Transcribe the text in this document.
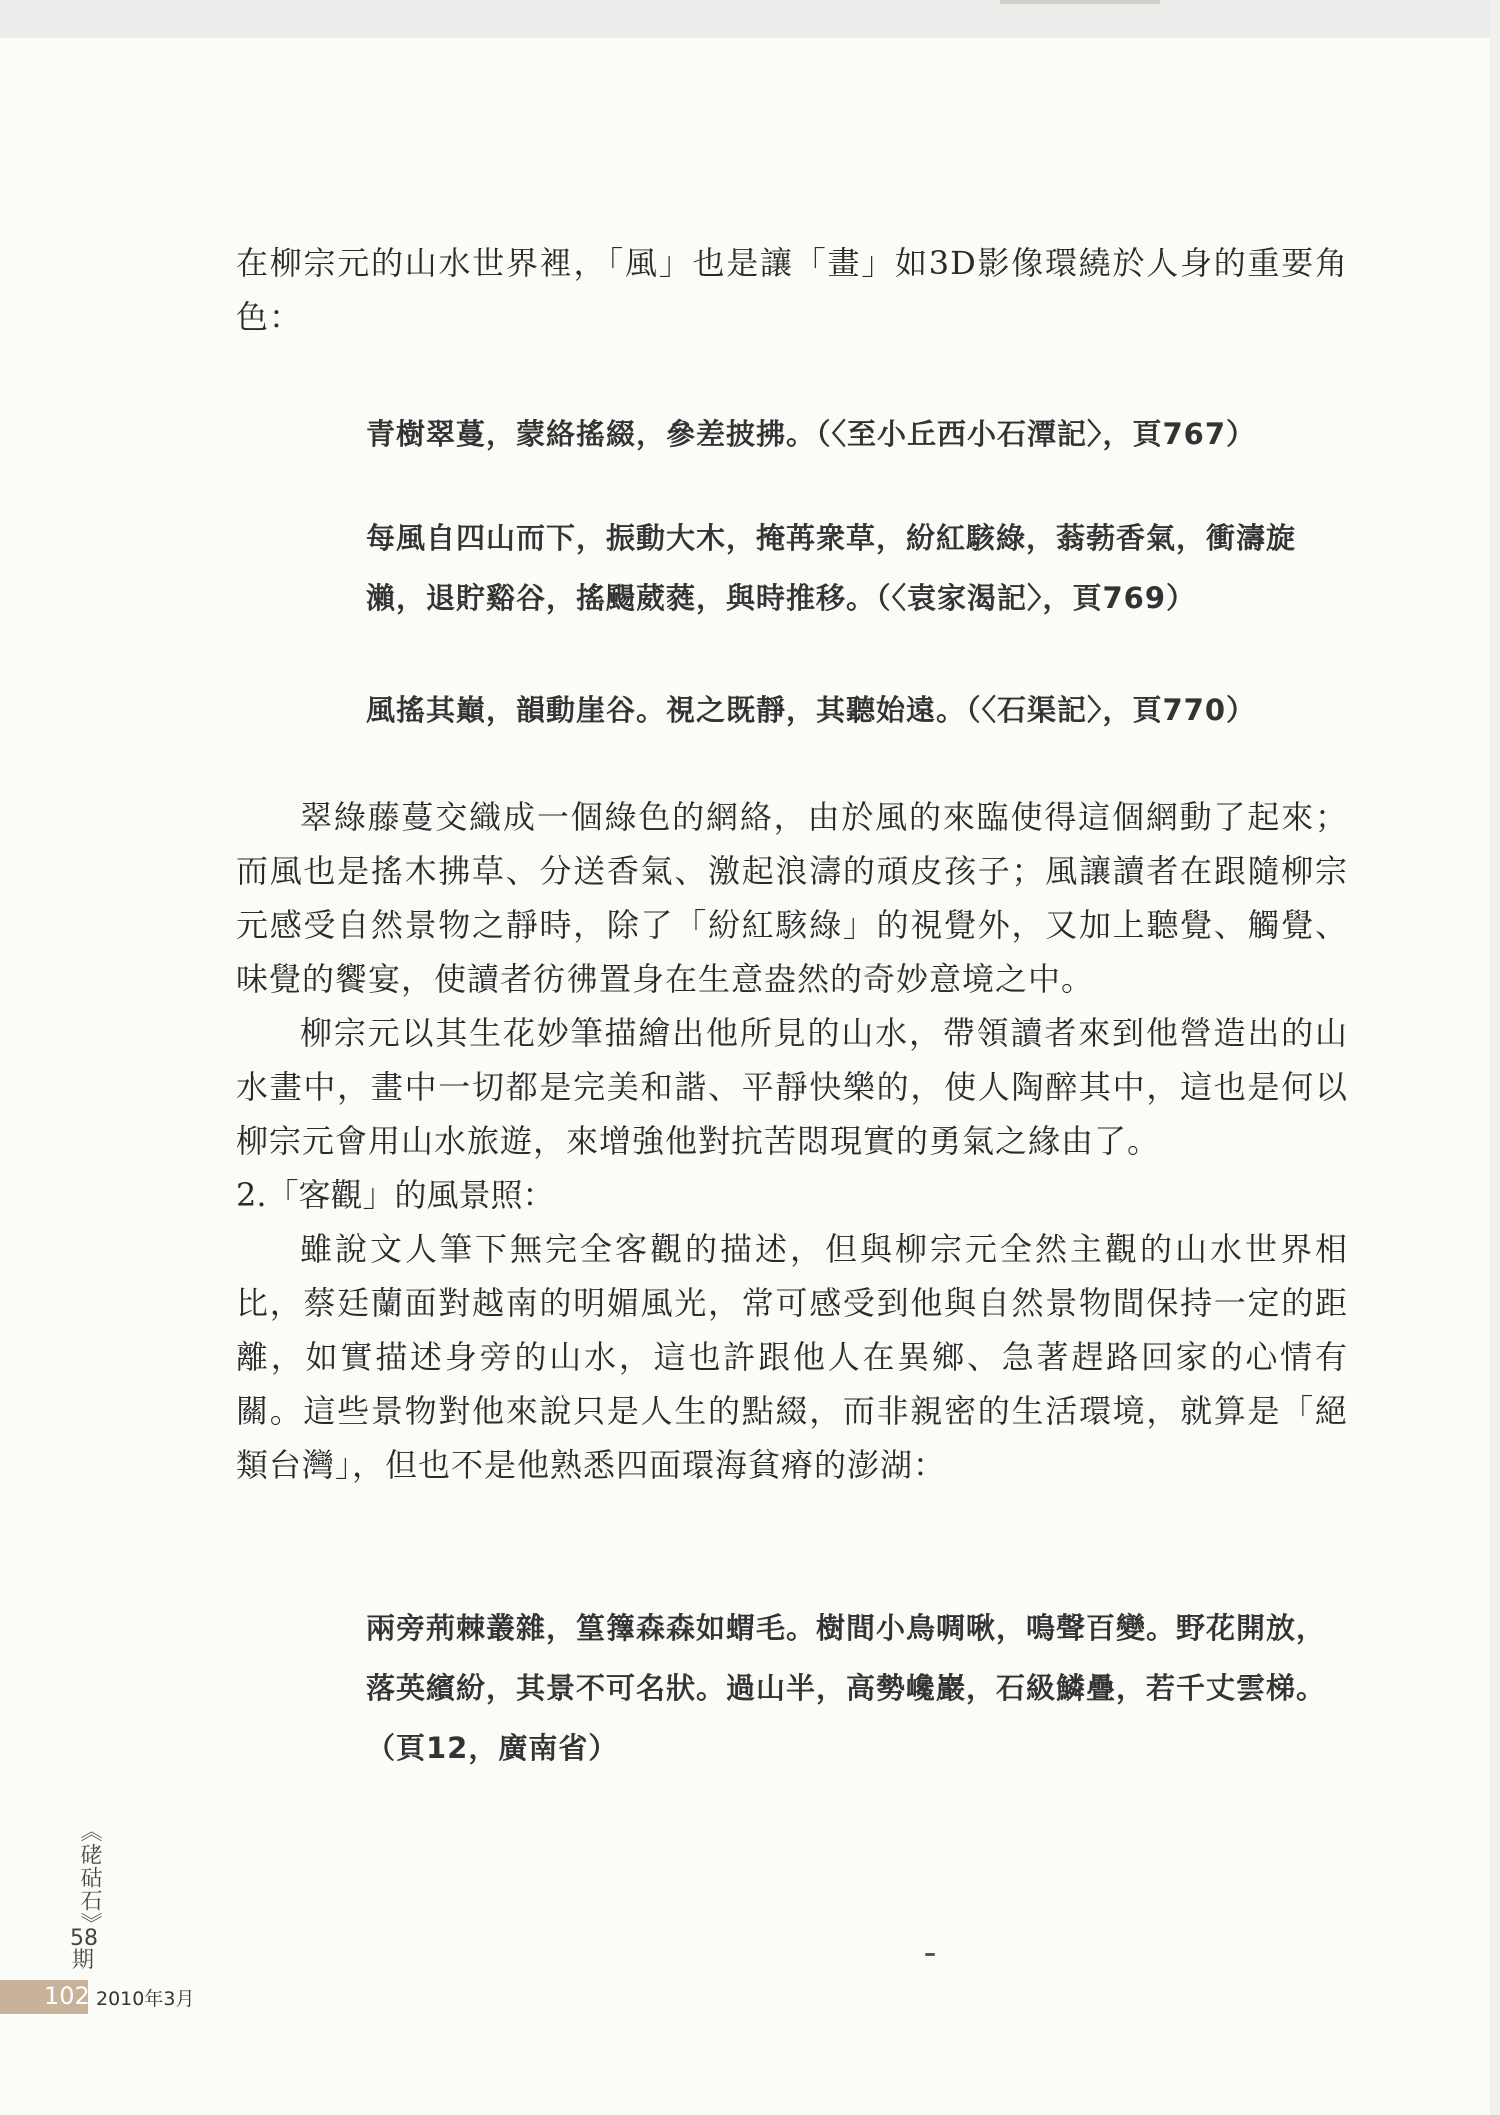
在柳宗元的山水世界裡，「風」也是讓「畫」如3D影像環繞於人身的重要角色：

青樹翠蔓，蒙絡搖綴，參差披拂。（〈至小丘西小石潭記〉，頁767）

每風自四山而下，振動大木，掩苒衆草，紛紅駭綠，蓊葧香氣，衝濤旋瀨，退貯谿谷，搖颺葳蕤，與時推移。（〈袁家渴記〉，頁769）

風搖其巔，韻動崖谷。視之既靜，其聽始遠。（〈石渠記〉，頁770）

翠綠藤蔓交織成一個綠色的網絡，由於風的來臨使得這個網動了起來；而風也是搖木拂草、分送香氣、激起浪濤的頑皮孩子；風讓讀者在跟隨柳宗元感受自然景物之靜時，除了「紛紅駭綠」的視覺外，又加上聽覺、觸覺、味覺的饗宴，使讀者彷彿置身在生意盎然的奇妙意境之中。

柳宗元以其生花妙筆描繪出他所見的山水，帶領讀者來到他營造出的山水畫中，畫中一切都是完美和諧、平靜快樂的，使人陶醉其中，這也是何以柳宗元會用山水旅遊，來增強他對抗苦悶現實的勇氣之緣由了。

2.「客觀」的風景照：

雖說文人筆下無完全客觀的描述，但與柳宗元全然主觀的山水世界相比，蔡廷蘭面對越南的明媚風光，常可感受到他與自然景物間保持一定的距離，如實描述身旁的山水，這也許跟他人在異鄉、急著趕路回家的心情有關。這些景物對他來說只是人生的點綴，而非親密的生活環境，就算是「絕類台灣」，但也不是他熟悉四面環海貧瘠的澎湖：

兩旁荊棘叢雜，篁籜森森如蝟毛。樹間小鳥啁啾，鳴聲百變。野花開放，落英繽紛，其景不可名狀。過山半，高勢巉巖，石級鱗疊，若千丈雲梯。（頁12，廣南省）

《硓𥑮石》
58期
102 2010年3月
